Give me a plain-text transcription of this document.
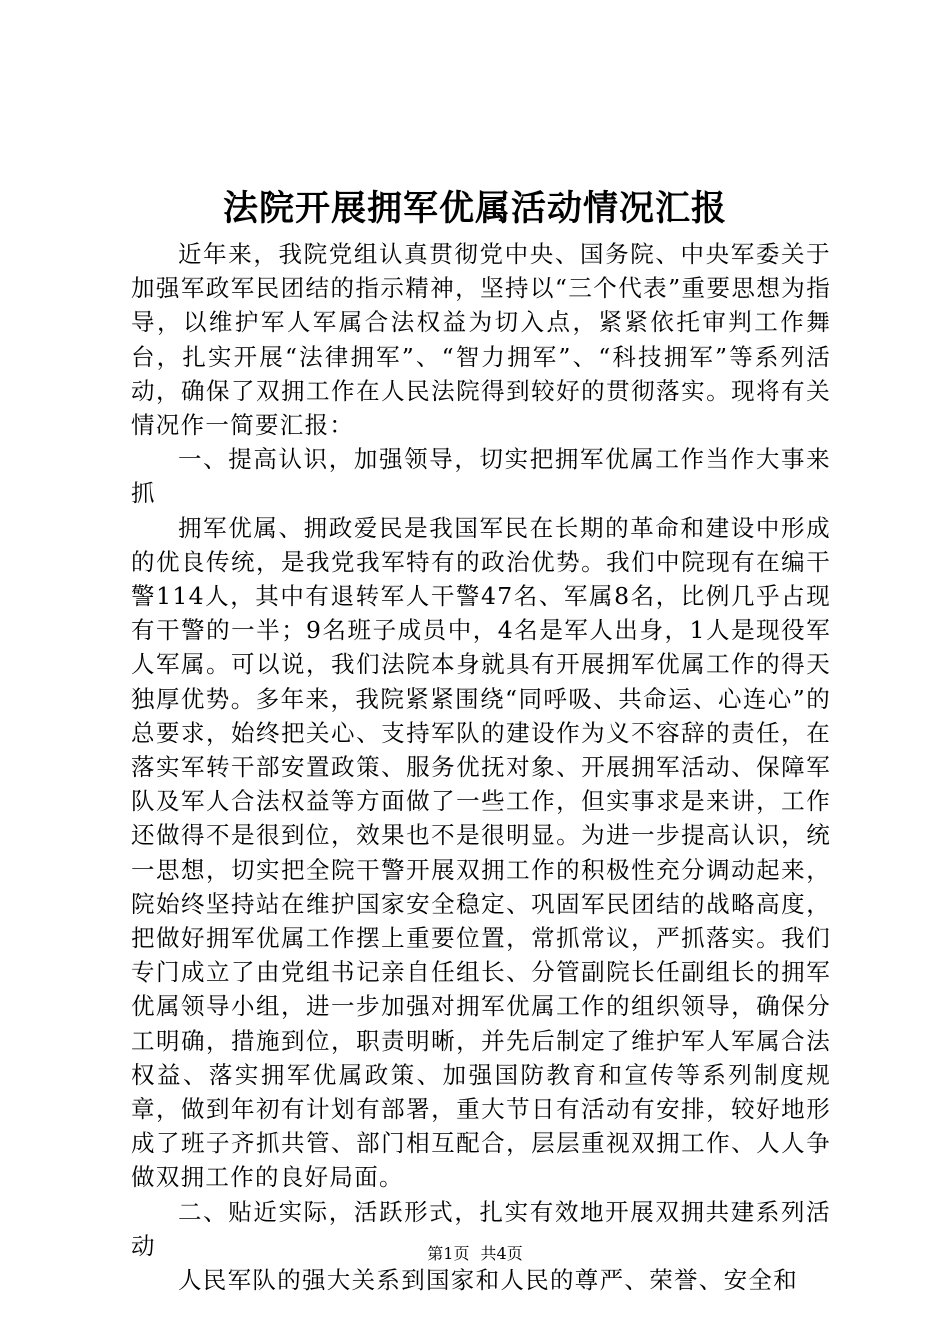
法院开展拥军优属活动情况汇报

近年来，我院党组认真贯彻党中央、国务院、中央军委关于加强军政军民团结的指示精神，坚持以“三个代表”重要思想为指导，以维护军人军属合法权益为切入点，紧紧依托审判工作舞台，扎实开展“法律拥军”、“智力拥军”、“科技拥军”等系列活动，确保了双拥工作在人民法院得到较好的贯彻落实。现将有关情况作一简要汇报：

一、提高认识，加强领导，切实把拥军优属工作当作大事来抓

拥军优属、拥政爱民是我国军民在长期的革命和建设中形成的优良传统，是我党我军特有的政治优势。我们中院现有在编干警114人，其中有退转军人干警47名、军属8名，比例几乎占现有干警的一半；9名班子成员中，4名是军人出身，1人是现役军人军属。可以说，我们法院本身就具有开展拥军优属工作的得天独厚优势。多年来，我院紧紧围绕“同呼吸、共命运、心连心”的总要求，始终把关心、支持军队的建设作为义不容辞的责任，在落实军转干部安置政策、服务优抚对象、开展拥军活动、保障军队及军人合法权益等方面做了一些工作，但实事求是来讲，工作还做得不是很到位，效果也不是很明显。为进一步提高认识，统一思想，切实把全院干警开展双拥工作的积极性充分调动起来，院始终坚持站在维护国家安全稳定、巩固军民团结的战略高度，把做好拥军优属工作摆上重要位置，常抓常议，严抓落实。我们专门成立了由党组书记亲自任组长、分管副院长任副组长的拥军优属领导小组，进一步加强对拥军优属工作的组织领导，确保分工明确，措施到位，职责明晰，并先后制定了维护军人军属合法权益、落实拥军优属政策、加强国防教育和宣传等系列制度规章，做到年初有计划有部署，重大节日有活动有安排，较好地形成了班子齐抓共管、部门相互配合，层层重视双拥工作、人人争做双拥工作的良好局面。

二、贴近实际，活跃形式，扎实有效地开展双拥共建系列活动

人民军队的强大关系到国家和人民的尊严、荣誉、安全和

第1页 共4页
